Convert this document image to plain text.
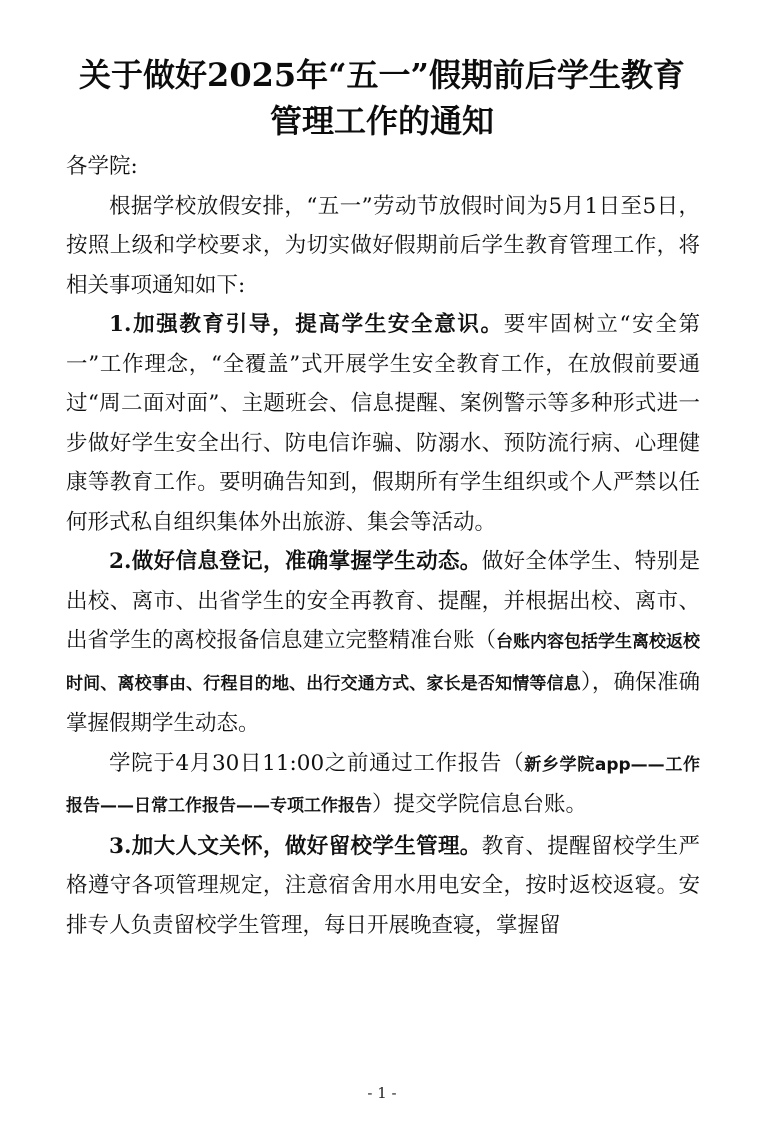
关于做好2025年“五一”假期前后学生教育
管理工作的通知

各学院:

根据学校放假安排，“五一”劳动节放假时间为5月1日至5日，按照上级和学校要求，为切实做好假期前后学生教育管理工作，将相关事项通知如下:

1.加强教育引导，提高学生安全意识。要牢固树立“安全第一”工作理念，“全覆盖”式开展学生安全教育工作，在放假前要通过“周二面对面”、主题班会、信息提醒、案例警示等多种形式进一步做好学生安全出行、防电信诈骗、防溺水、预防流行病、心理健康等教育工作。要明确告知到，假期所有学生组织或个人严禁以任何形式私自组织集体外出旅游、集会等活动。

2.做好信息登记，准确掌握学生动态。做好全体学生、特别是出校、离市、出省学生的安全再教育、提醒，并根据出校、离市、出省学生的离校报备信息建立完整精准台账（台账内容包括学生离校返校时间、离校事由、行程目的地、出行交通方式、家长是否知情等信息），确保准确掌握假期学生动态。

学院于4月30日11:00之前通过工作报告（新乡学院app——工作报告——日常工作报告——专项工作报告）提交学院信息台账。

3.加大人文关怀，做好留校学生管理。教育、提醒留校学生严格遵守各项管理规定，注意宿舍用水用电安全，按时返校返寝。安排专人负责留校学生管理，每日开展晚查寝，掌握留

- 1 -
